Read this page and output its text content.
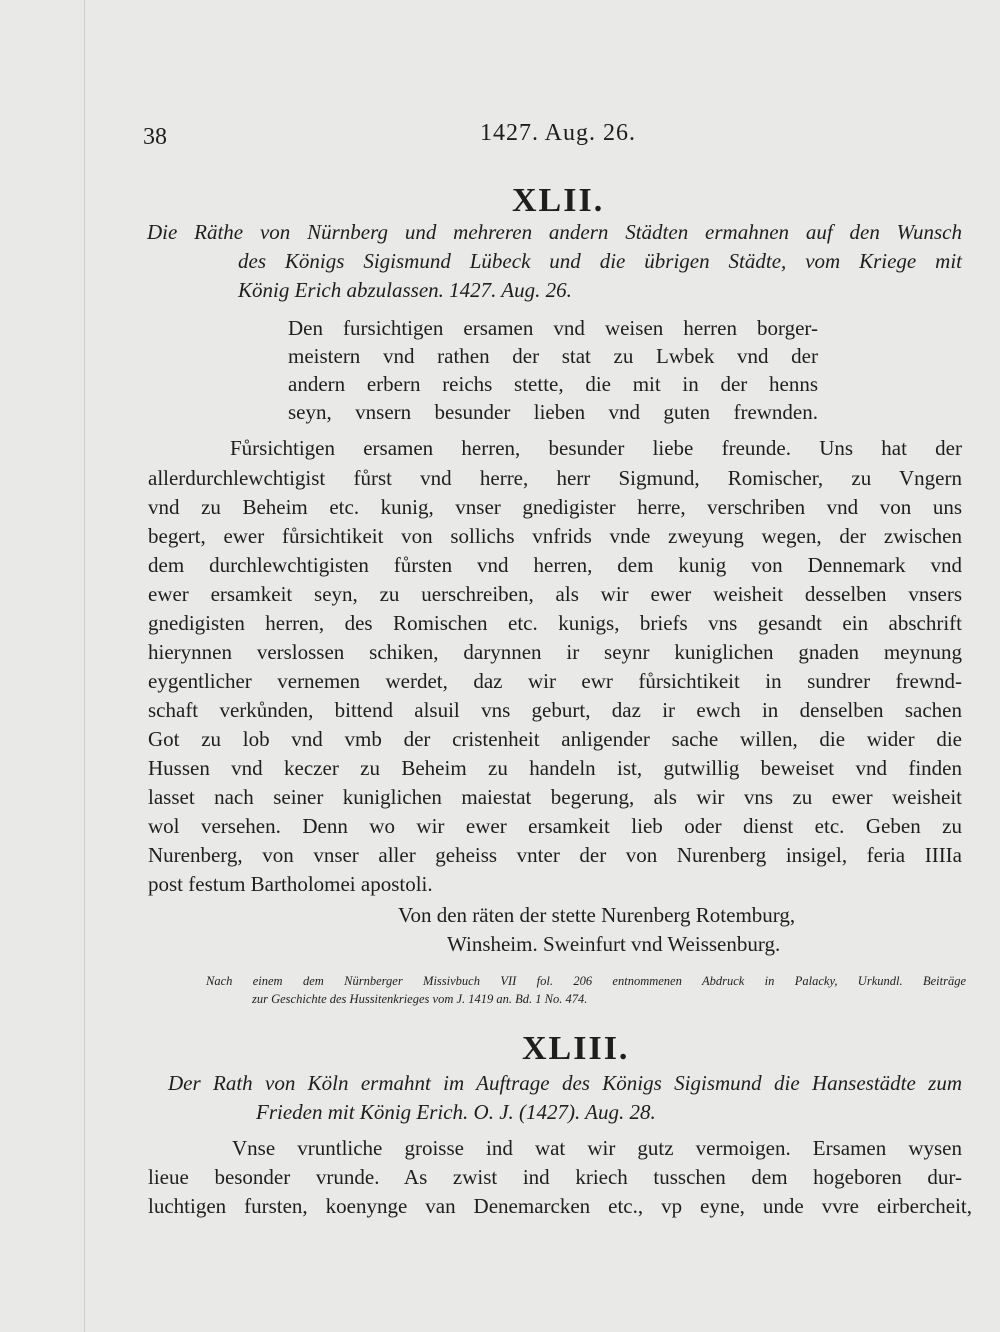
38	1427. Aug. 26.
XLII.
Die Räthe von Nürnberg und mehreren andern Städten ermahnen auf den Wunsch
des Königs Sigismund Lübeck und die übrigen Städte, vom Kriege mit
König Erich abzulassen. 1427. Aug. 26.
Den fursichtigen ersamen vnd weisen herren borger-
meistern vnd rathen der stat zu Lwbek vnd der
andern erbern reichs stette, die mit in der henns
seyn, vnsern besunder lieben vnd guten frewnden.
Fůrsichtigen ersamen herren, besunder liebe freunde. Uns hat der
allerdurchlewchtigist fůrst vnd herre, herr Sigmund, Romischer, zu Vngern
vnd zu Beheim etc. kunig, vnser gnedigister herre, verschriben vnd von uns
begert, ewer fůrsichtikeit von sollichs vnfrids vnde zweyung wegen, der zwischen
dem durchlewchtigisten fůrsten vnd herren, dem kunig von Dennemark vnd
ewer ersamkeit seyn, zu uerschreiben, als wir ewer weisheit desselben vnsers
gnedigisten herren, des Romischen etc. kunigs, briefs vns gesandt ein abschrift
hierynnen verslossen schiken, darynnen ir seynr kuniglichen gnaden meynung
eygentlicher vernemen werdet, daz wir ewr fůrsichtikeit in sundrer frewnd-
schaft verkůnden, bittend alsuil vns geburt, daz ir ewch in denselben sachen
Got zu lob vnd vmb der cristenheit anligender sache willen, die wider die
Hussen vnd keczer zu Beheim zu handeln ist, gutwillig beweiset vnd finden
lasset nach seiner kuniglichen maiestat begerung, als wir vns zu ewer weisheit
wol versehen. Denn wo wir ewer ersamkeit lieb oder dienst etc. Geben zu
Nurenberg, von vnser aller geheiss vnter der von Nurenberg insigel, feria IIIIa
post festum Bartholomei apostoli.
Von den räten der stette Nurenberg Rotemburg,
Winsheim. Sweinfurt vnd Weissenburg.
Nach einem dem Nürnberger Missivbuch VII fol. 206 entnommenen Abdruck in Palacky, Urkundl. Beiträge
zur Geschichte des Hussitenkrieges vom J. 1419 an. Bd. 1 No. 474.
XLIII.
Der Rath von Köln ermahnt im Auftrage des Königs Sigismund die Hansestädte zum
Frieden mit König Erich. O. J. (1427). Aug. 28.
Vnse vruntliche groisse ind wat wir gutz vermoigen. Ersamen wysen
lieue besonder vrunde. As zwist ind kriech tusschen dem hogeboren dur-
luchtigen fursten, koenynge van Denemarcken etc., vp eyne, unde vvre eirbercheit,
